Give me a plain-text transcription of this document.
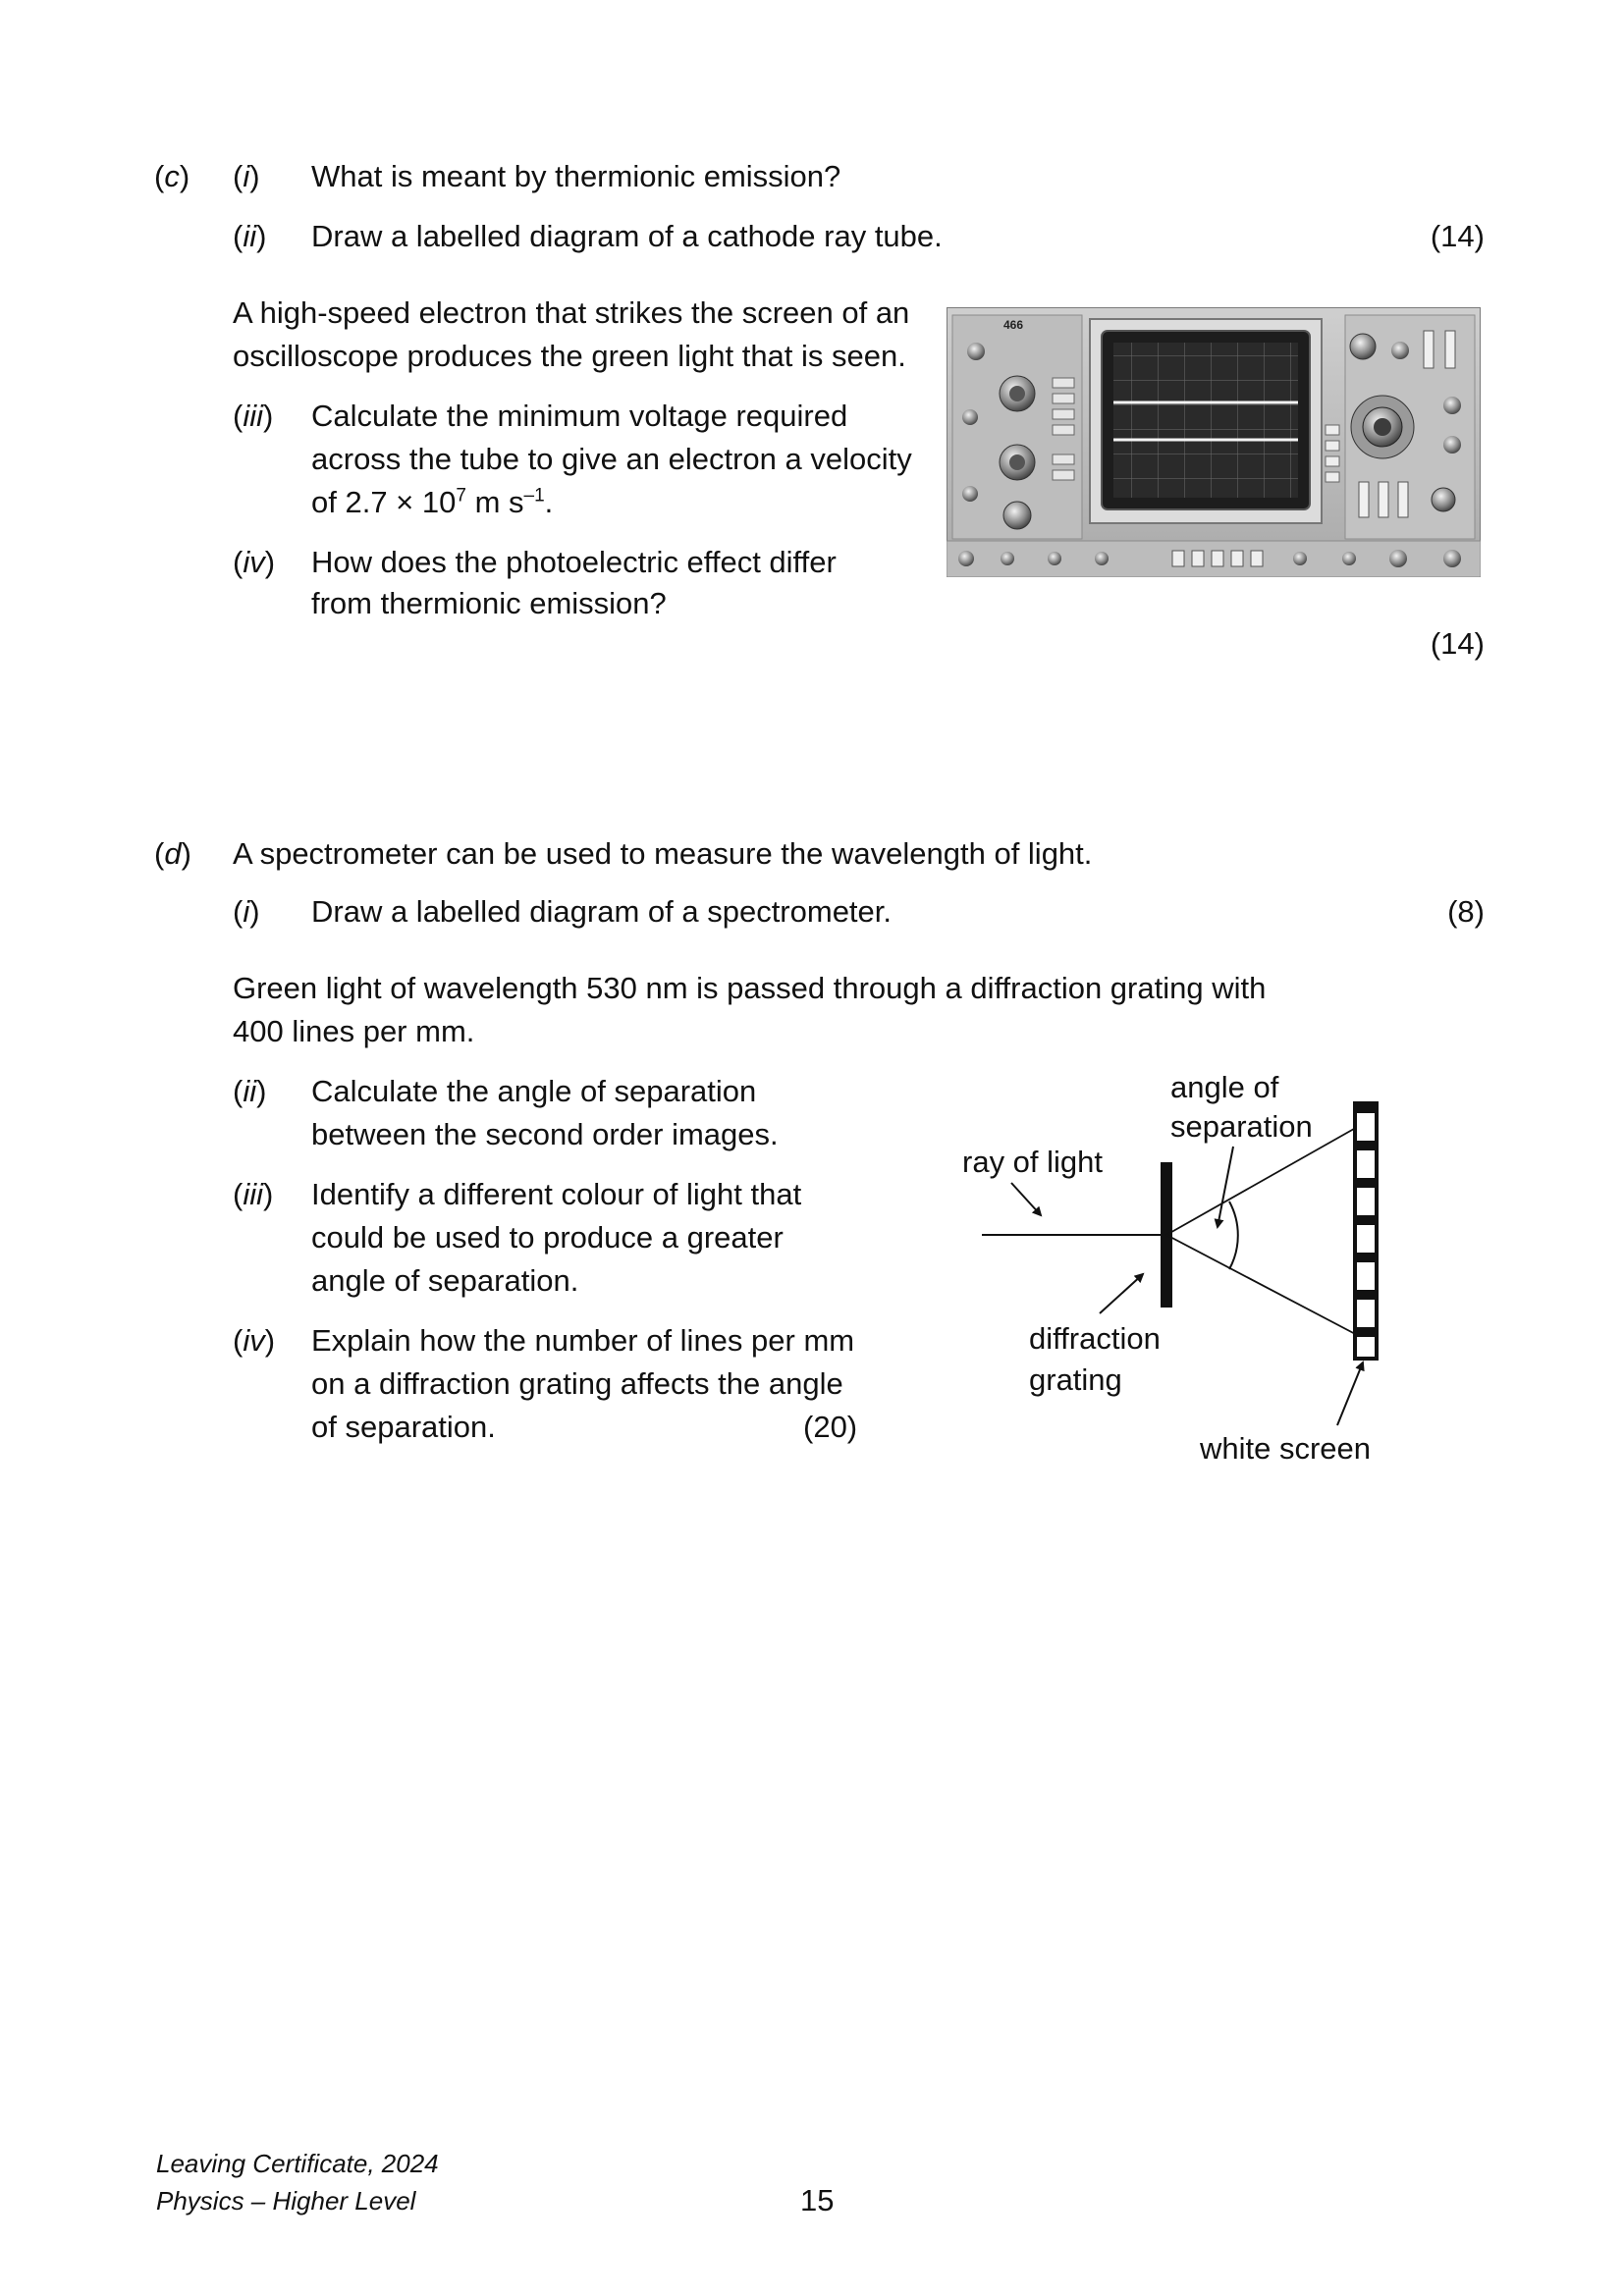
(c) (i) What is meant by thermionic emission?
(ii) Draw a labelled diagram of a cathode ray tube.	(14)
A high-speed electron that strikes the screen of an
oscilloscope produces the green light that is seen.
(iii) Calculate the minimum voltage required
across the tube to give an electron a velocity
of $2.7 \times 10^7$ m $s^{-1}$.
(iv) How does the photoelectric effect differ
from thermionic emission?
(14)
466
(d) A spectrometer can be used to measure the wavelength of light.
(i) Draw a labelled diagram of a spectrometer.	(8)
Green light of wavelength 530 nm is passed through a diffraction grating with
400 lines per mm.
(ii) Calculate the angle of separation
between the second order images.
(iii) Identify a different colour of light that
could be used to produce a greater
angle of separation.
(iv) Explain how the number of lines per mm
on a diffraction grating affects the angle
of separation.	(20)
angle of
separation
ray of light
diffraction
grating
white screen
Leaving Certificate, 2024
Physics – Higher Level	15
